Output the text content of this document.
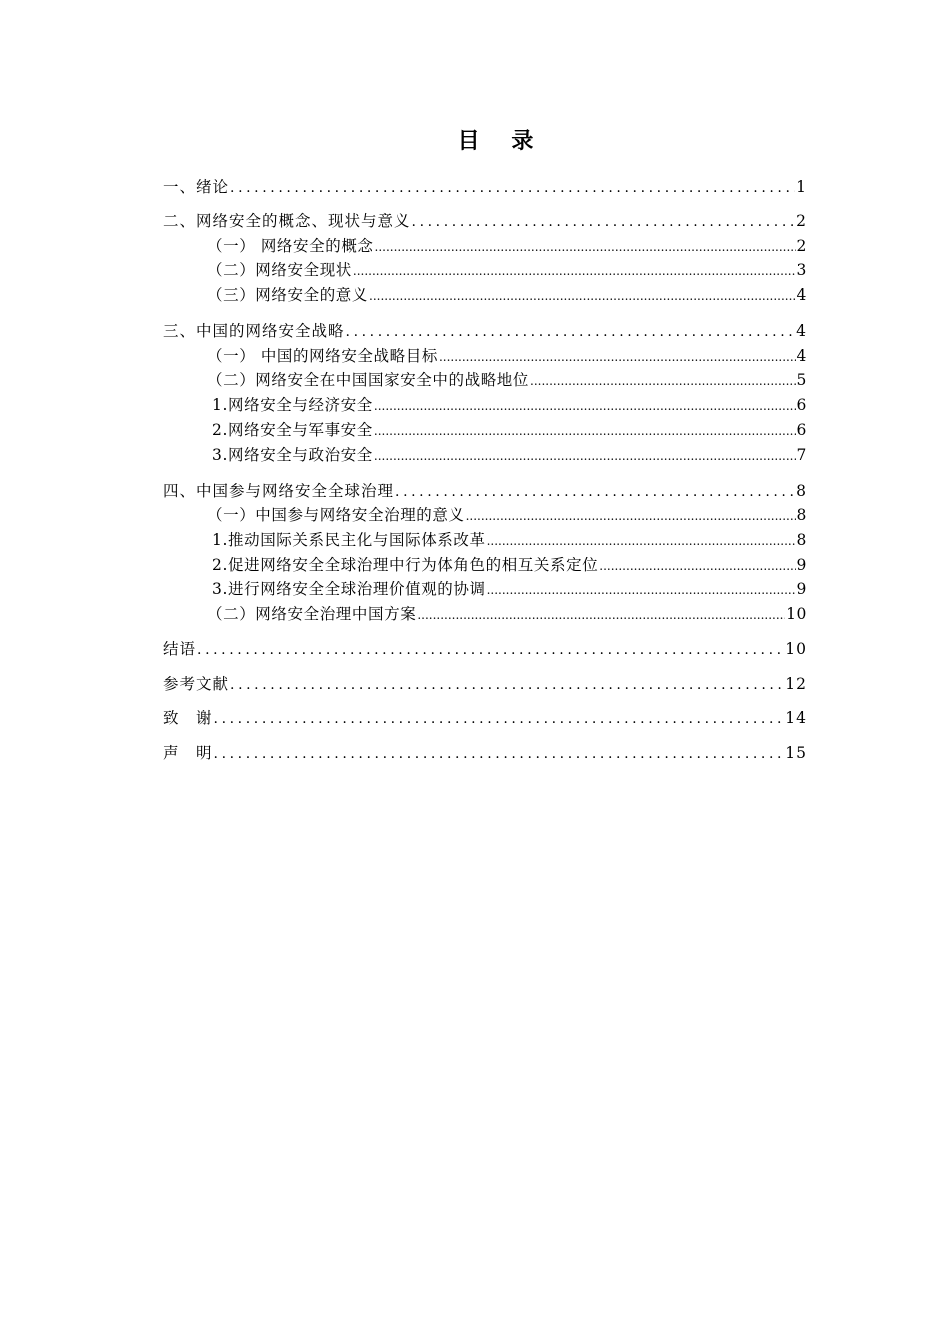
目 录
一、绪论 .....	1
二、网络安全的概念、现状与意义 .....	2
（一） 网络安全的概念 .....	2
（二）网络安全现状 .....	3
（三）网络安全的意义 .....	4
三、中国的网络安全战略 .....	4
（一） 中国的网络安全战略目标 .....	4
（二）网络安全在中国国家安全中的战略地位 .....	5
1.网络安全与经济安全 .....	6
2.网络安全与军事安全 .....	6
3.网络安全与政治安全 .....	7
四、中国参与网络安全全球治理 .....	8
（一）中国参与网络安全治理的意义 .....	8
1.推动国际关系民主化与国际体系改革 .....	8
2.促进网络安全全球治理中行为体角色的相互关系定位 .....	9
3.进行网络安全全球治理价值观的协调 .....	9
（二）网络安全治理中国方案 .....	10
结语 .....	10
参考文献 .....	12
致　谢 .....	14
声　明 .....	15
